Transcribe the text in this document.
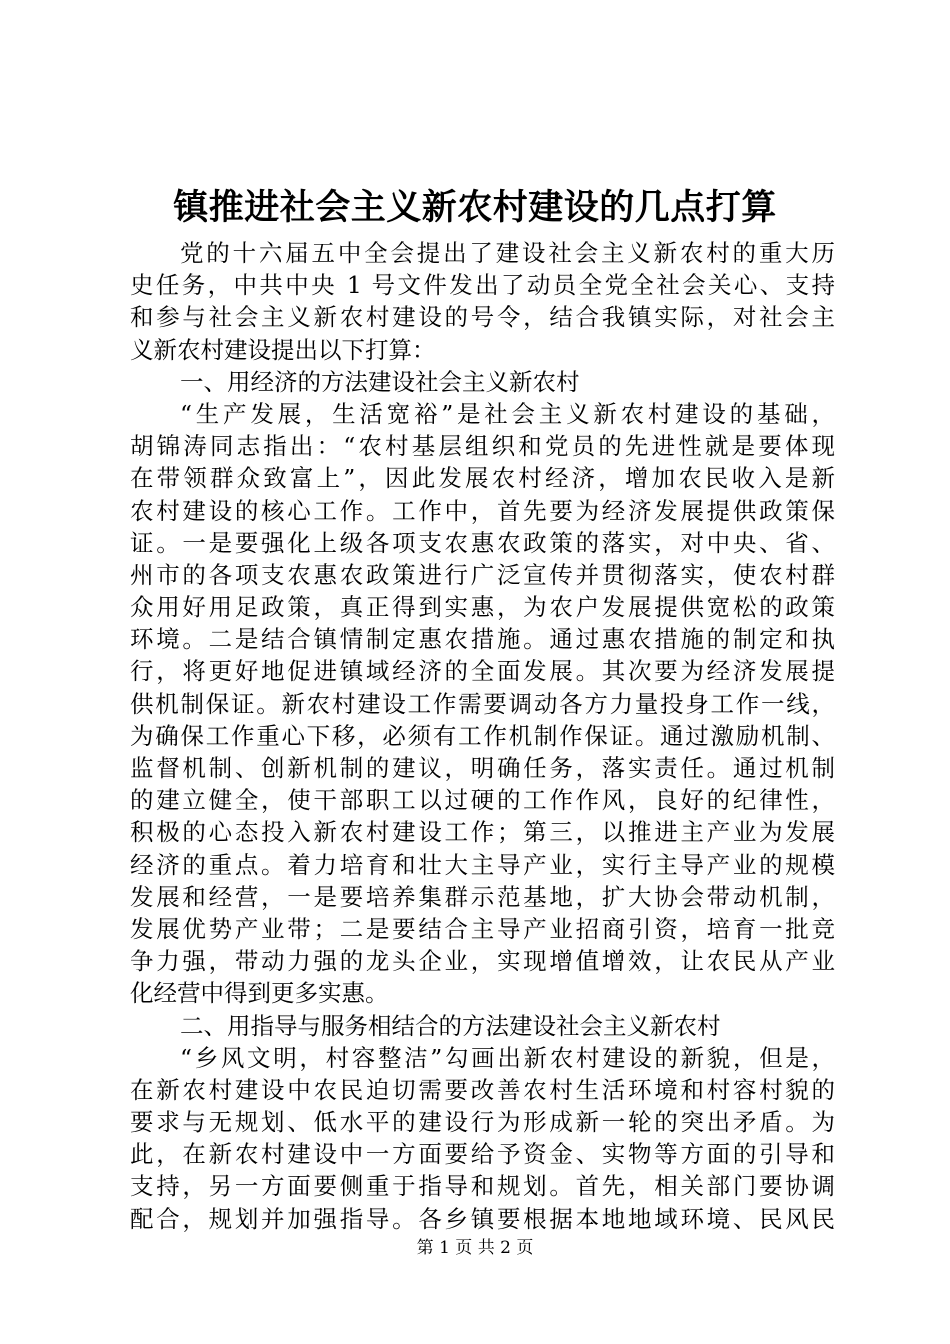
镇推进社会主义新农村建设的几点打算
党的十六届五中全会提出了建设社会主义新农村的重大历
史任务，中共中央 1 号文件发出了动员全党全社会关心、支持
和参与社会主义新农村建设的号令，结合我镇实际，对社会主
义新农村建设提出以下打算：
一、用经济的方法建设社会主义新农村
“生产发展，生活宽裕”是社会主义新农村建设的基础，
胡锦涛同志指出：“农村基层组织和党员的先进性就是要体现
在带领群众致富上”，因此发展农村经济，增加农民收入是新
农村建设的核心工作。工作中，首先要为经济发展提供政策保
证。一是要强化上级各项支农惠农政策的落实，对中央、省、
州市的各项支农惠农政策进行广泛宣传并贯彻落实，使农村群
众用好用足政策，真正得到实惠，为农户发展提供宽松的政策
环境。二是结合镇情制定惠农措施。通过惠农措施的制定和执
行，将更好地促进镇域经济的全面发展。其次要为经济发展提
供机制保证。新农村建设工作需要调动各方力量投身工作一线，
为确保工作重心下移，必须有工作机制作保证。通过激励机制、
监督机制、创新机制的建议，明确任务，落实责任。通过机制
的建立健全，使干部职工以过硬的工作作风，良好的纪律性，
积极的心态投入新农村建设工作；第三，以推进主产业为发展
经济的重点。着力培育和壮大主导产业，实行主导产业的规模
发展和经营，一是要培养集群示范基地，扩大协会带动机制，
发展优势产业带；二是要结合主导产业招商引资，培育一批竞
争力强，带动力强的龙头企业，实现增值增效，让农民从产业
化经营中得到更多实惠。
二、用指导与服务相结合的方法建设社会主义新农村
“乡风文明，村容整洁”勾画出新农村建设的新貌，但是，
在新农村建设中农民迫切需要改善农村生活环境和村容村貌的
要求与无规划、低水平的建设行为形成新一轮的突出矛盾。为
此，在新农村建设中一方面要给予资金、实物等方面的引导和
支持，另一方面要侧重于指导和规划。首先，相关部门要协调
配合，规划并加强指导。各乡镇要根据本地地域环境、民风民
第 1 页 共 2 页
